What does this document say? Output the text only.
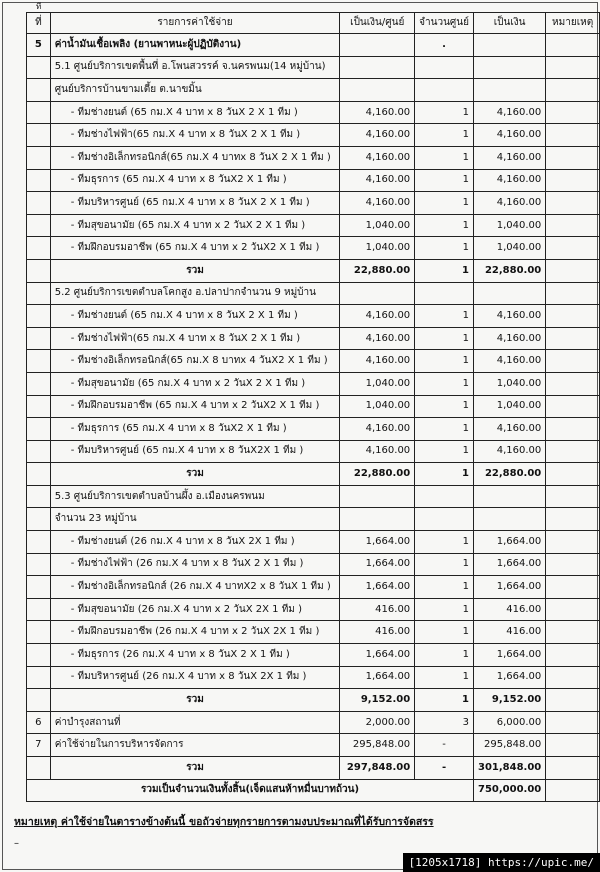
ที
ที่	รายการค่าใช้จ่าย	เป็นเงิน/ศูนย์	จำนวนศูนย์	เป็นเงิน	หมายเหตุ
5	ค่าน้ำมันเชื้อเพลิง (ยานพาหนะผู้ปฏิบัติงาน)		.		
	5.1 ศูนย์บริการเขตพื้นที่ อ.โพนสวรรค์ จ.นครพนม(14 หมู่บ้าน)				
	ศูนย์บริการบ้านขามเตี้ย ต.นาขมิ้น				
	- ทีมช่างยนต์ (65 กม.X 4 บาท x 8 วันX 2 X 1 ทีม )	4,160.00	1	4,160.00	
	- ทีมช่างไฟฟ้า(65 กม.X 4 บาท x 8 วันX 2 X 1 ทีม )	4,160.00	1	4,160.00	
	- ทีมช่างอิเล็กทรอนิกส์(65 กม.X 4 บาทx 8 วันX 2 X 1 ทีม )	4,160.00	1	4,160.00	
	- ทีมธุรการ (65 กม.X 4 บาท x 8 วันX2 X 1 ทีม )	4,160.00	1	4,160.00	
	- ทีมบริหารศูนย์ (65 กม.X 4 บาท x 8 วันX 2 X 1 ทีม )	4,160.00	1	4,160.00	
	- ทีมสุขอนามัย (65 กม.X 4 บาท x 2 วันX 2 X 1 ทีม )	1,040.00	1	1,040.00	
	- ทีมฝึกอบรมอาชีพ (65 กม.X 4 บาท x 2 วันX2 X 1 ทีม )	1,040.00	1	1,040.00	
	รวม	22,880.00	1	22,880.00	
	5.2 ศูนย์บริการเขตตำบลโคกสูง อ.ปลาปากจำนวน 9 หมู่บ้าน				
	- ทีมช่างยนต์ (65 กม.X 4 บาท x 8 วันX 2 X 1 ทีม )	4,160.00	1	4,160.00	
	- ทีมช่างไฟฟ้า(65 กม.X 4 บาท x 8 วันX 2 X 1 ทีม )	4,160.00	1	4,160.00	
	- ทีมช่างอิเล็กทรอนิกส์(65 กม.X 8 บาทx 4 วันX2 X 1 ทีม )	4,160.00	1	4,160.00	
	- ทีมสุขอนามัย (65 กม.X 4 บาท x 2 วันX 2 X 1 ทีม )	1,040.00	1	1,040.00	
	- ทีมฝึกอบรมอาชีพ (65 กม.X 4 บาท x 2 วันX2 X 1 ทีม )	1,040.00	1	1,040.00	
	- ทีมธุรการ (65 กม.X 4 บาท x 8 วันX2 X 1 ทีม )	4,160.00	1	4,160.00	
	- ทีมบริหารศูนย์ (65 กม.X 4 บาท x 8 วันX2X 1 ทีม )	4,160.00	1	4,160.00	
	รวม	22,880.00	1	22,880.00	
	5.3 ศูนย์บริการเขตตำบลบ้านผึ้ง อ.เมืองนครพนม				
	จำนวน 23 หมู่บ้าน				
	- ทีมช่างยนต์ (26 กม.X 4 บาท x 8 วันX 2X 1 ทีม )	1,664.00	1	1,664.00	
	- ทีมช่างไฟฟ้า (26 กม.X 4 บาท x 8 วันX 2 X 1 ทีม )	1,664.00	1	1,664.00	
	- ทีมช่างอิเล็กทรอนิกส์ (26 กม.X 4 บาทX2 x 8 วันX 1 ทีม )	1,664.00	1	1,664.00	
	- ทีมสุขอนามัย (26 กม.X 4 บาท x 2 วันX 2X 1 ทีม )	416.00	1	416.00	
	- ทีมฝึกอบรมอาชีพ (26 กม.X 4 บาท x 2 วันX 2X 1 ทีม )	416.00	1	416.00	
	- ทีมธุรการ (26 กม.X 4 บาท x 8 วันX 2 X 1 ทีม )	1,664.00	1	1,664.00	
	- ทีมบริหารศูนย์ (26 กม.X 4 บาท x 8 วันX 2X 1 ทีม )	1,664.00	1	1,664.00	
	รวม	9,152.00	1	9,152.00	
6	ค่าบำรุงสถานที่	2,000.00	3	6,000.00	
7	ค่าใช้จ่ายในการบริหารจัดการ	295,848.00	-	295,848.00	
	รวม	297,848.00	-	301,848.00	
รวมเป็นจำนวนเงินทั้งสิ้น(เจ็ดแสนห้าหมื่นบาทถ้วน)				750,000.00	
หมายเหตุ ค่าใช้จ่ายในตารางข้างต้นนี้ ขอถัวจ่ายทุกรายการตามงบประมาณที่ได้รับการจัดสรร
–
[1205x1718] https://upic.me/
